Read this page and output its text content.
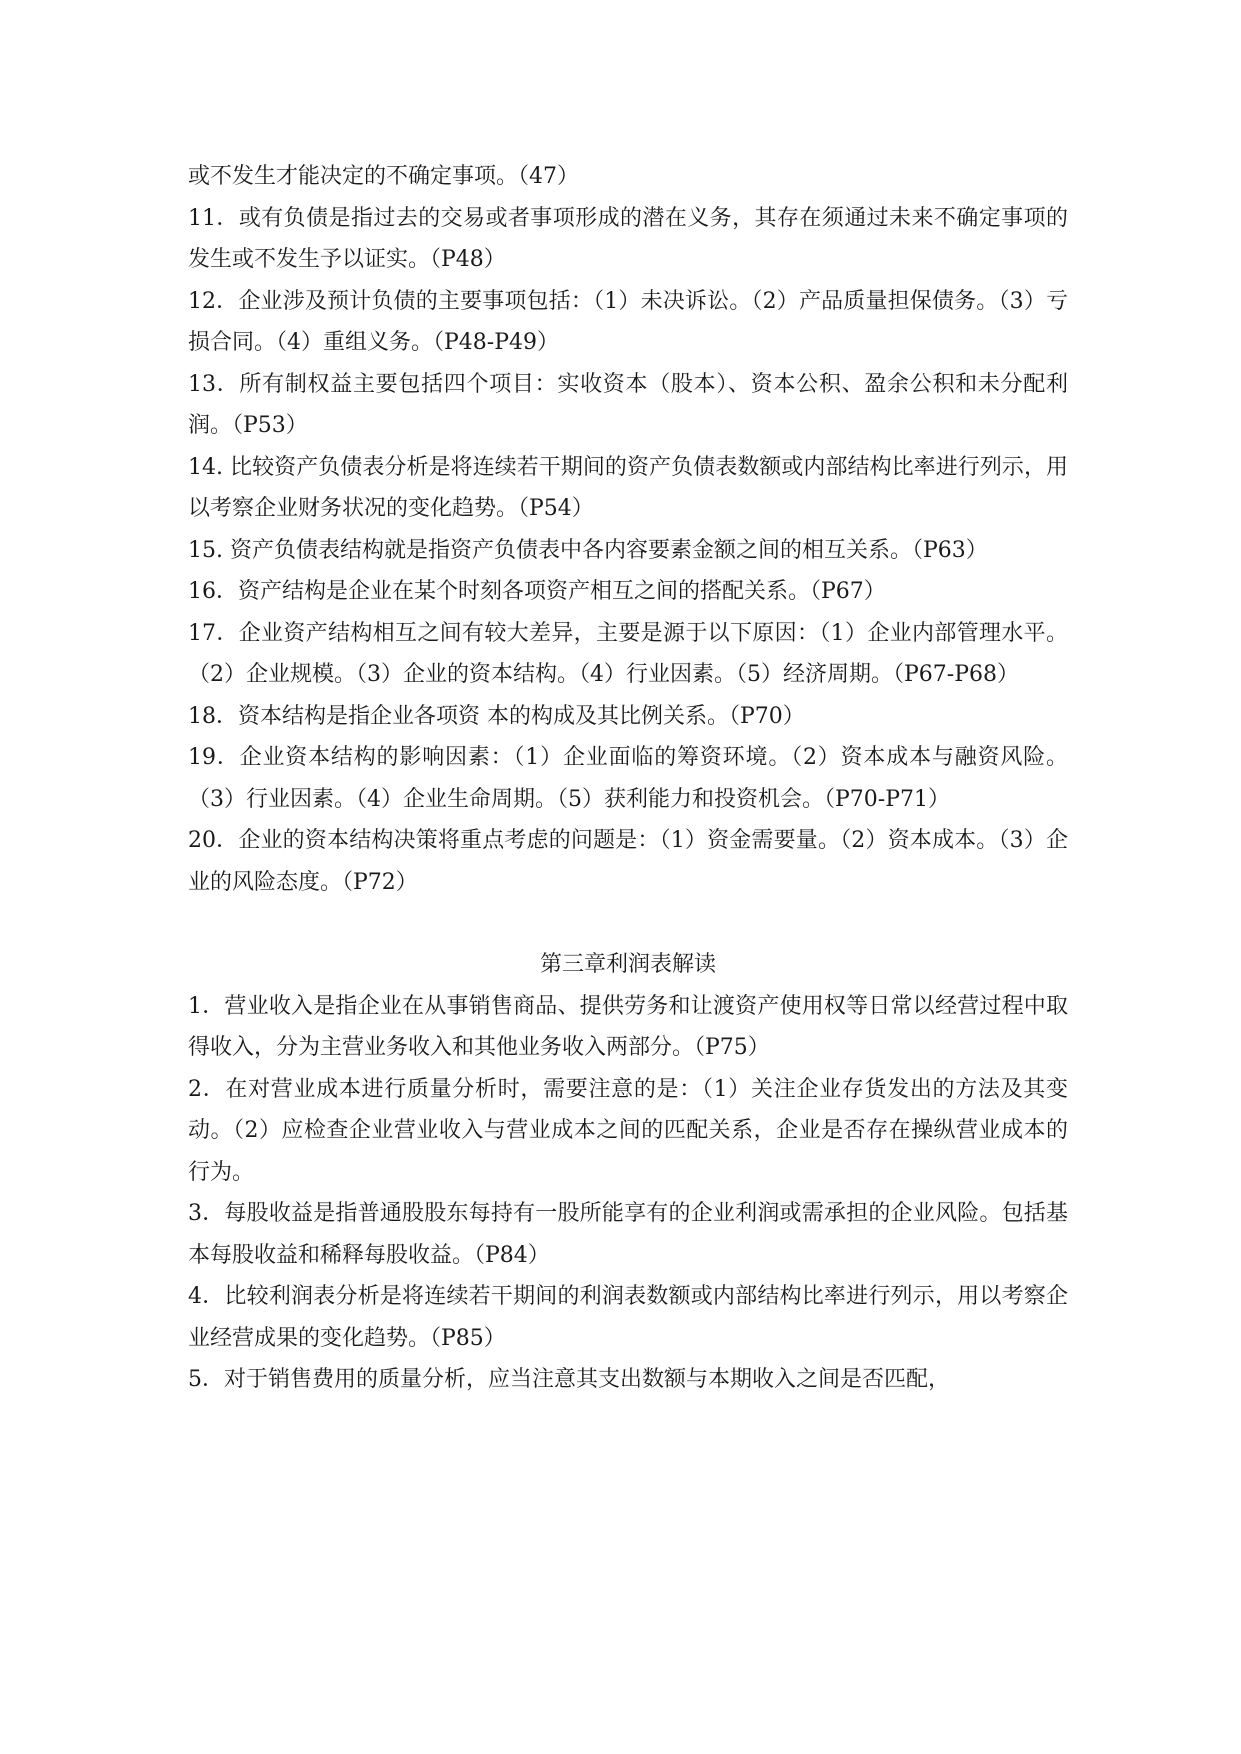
或不发生才能决定的不确定事项。（47）

11．或有负债是指过去的交易或者事项形成的潜在义务，其存在须通过未来不确定事项的发生或不发生予以证实。（P48）

12．企业涉及预计负债的主要事项包括：（1）未决诉讼。（2）产品质量担保债务。（3）亏损合同。（4）重组义务。（P48-P49）

13．所有制权益主要包括四个项目：实收资本（股本）、资本公积、盈余公积和未分配利润。（P53）

14. 比较资产负债表分析是将连续若干期间的资产负债表数额或内部结构比率进行列示，用以考察企业财务状况的变化趋势。（P54）

15. 资产负债表结构就是指资产负债表中各内容要素金额之间的相互关系。（P63）

16．资产结构是企业在某个时刻各项资产相互之间的搭配关系。（P67）

17．企业资产结构相互之间有较大差异，主要是源于以下原因：（1）企业内部管理水平。（2）企业规模。（3）企业的资本结构。（4）行业因素。（5）经济周期。（P67-P68）

18．资本结构是指企业各项资 本的构成及其比例关系。（P70）

19．企业资本结构的影响因素：（1）企业面临的筹资环境。（2）资本成本与融资风险。（3）行业因素。（4）企业生命周期。（5）获利能力和投资机会。（P70-P71）

20．企业的资本结构决策将重点考虑的问题是：（1）资金需要量。（2）资本成本。（3）企业的风险态度。（P72）

第三章利润表解读

1．营业收入是指企业在从事销售商品、提供劳务和让渡资产使用权等日常以经营过程中取得收入，分为主营业务收入和其他业务收入两部分。（P75）

2．在对营业成本进行质量分析时，需要注意的是：（1）关注企业存货发出的方法及其变动。（2）应检查企业营业收入与营业成本之间的匹配关系，企业是否存在操纵营业成本的行为。

3．每股收益是指普通股股东每持有一股所能享有的企业利润或需承担的企业风险。包括基本每股收益和稀释每股收益。（P84）

4．比较利润表分析是将连续若干期间的利润表数额或内部结构比率进行列示，用以考察企业经营成果的变化趋势。（P85）

5．对于销售费用的质量分析，应当注意其支出数额与本期收入之间是否匹配，
